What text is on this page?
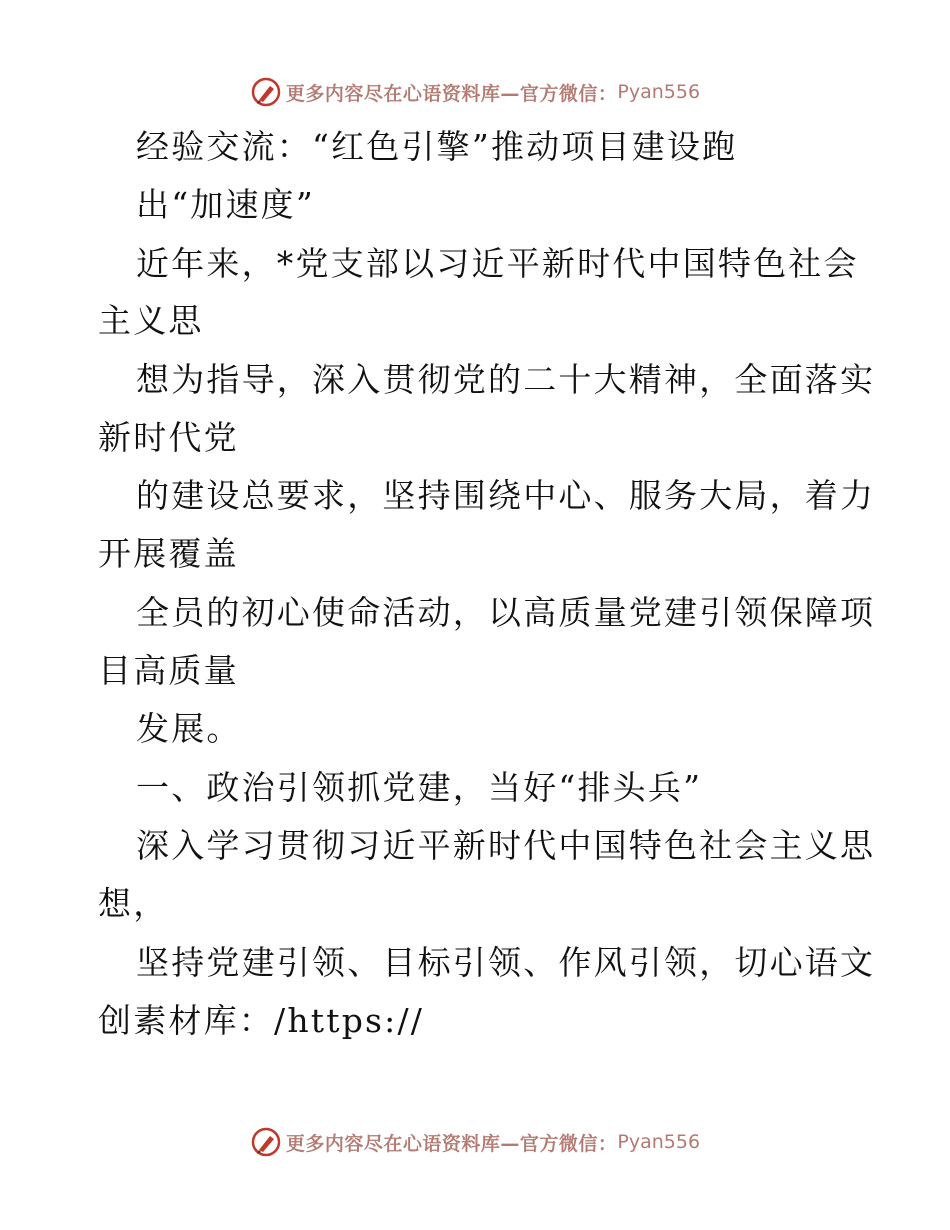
更多内容尽在心语资料库—官方微信： Pyan556
经验交流：“红色引擎”推动项目建设跑
出“加速度”
近年来，*党支部以习近平新时代中国特色社会
主义思
想为指导，深入贯彻党的二十大精神，全面落实
新时代党
的建设总要求，坚持围绕中心、服务大局，着力
开展覆盖
全员的初心使命活动，以高质量党建引领保障项
目高质量
发展。
一、政治引领抓党建，当好“排头兵”
深入学习贯彻习近平新时代中国特色社会主义思
想，
坚持党建引领、目标引领、作风引领，切心语文
创素材库：/https://
更多内容尽在心语资料库—官方微信： Pyan556
